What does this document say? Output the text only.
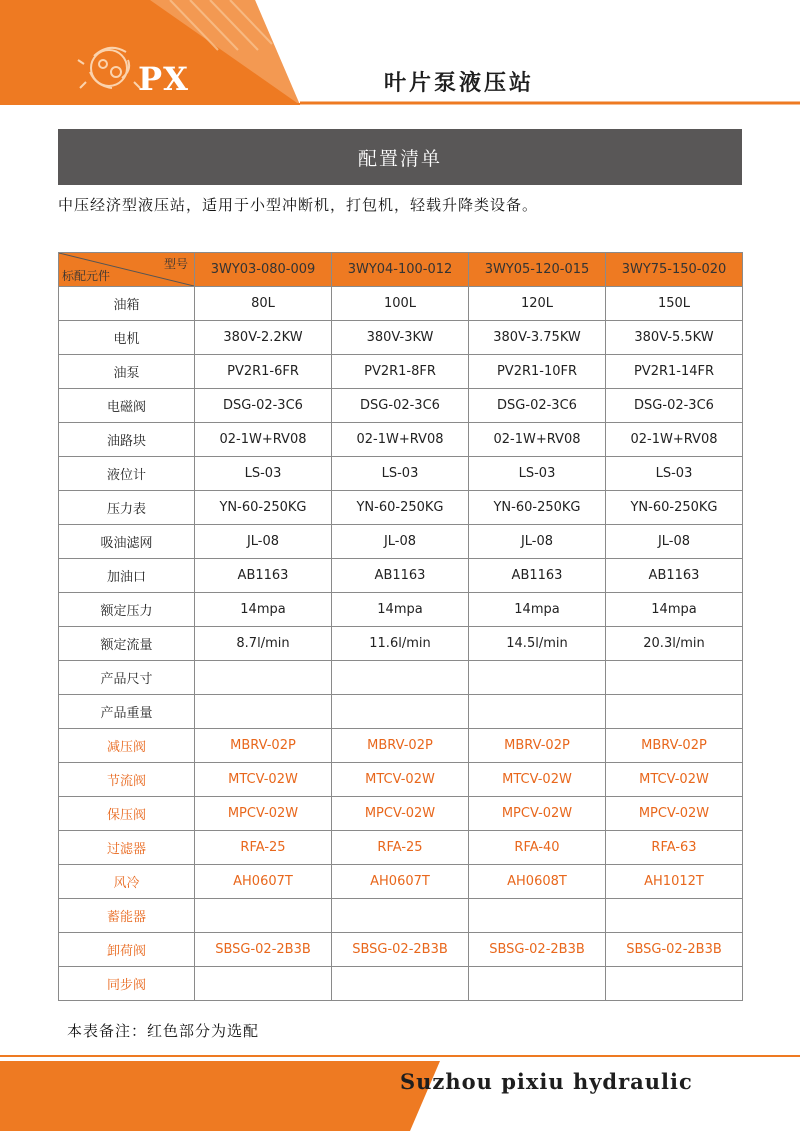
PX	叶片泵液压站
配置清单
中压经济型液压站，适用于小型冲断机，打包机，轻载升降类设备。
型号
标配元件	3WY03-080-009	3WY04-100-012	3WY05-120-015	3WY75-150-020
油箱	80L	100L	120L	150L
电机	380V-2.2KW	380V-3KW	380V-3.75KW	380V-5.5KW
油泵	PV2R1-6FR	PV2R1-8FR	PV2R1-10FR	PV2R1-14FR
电磁阀	DSG-02-3C6	DSG-02-3C6	DSG-02-3C6	DSG-02-3C6
油路块	02-1W+RV08	02-1W+RV08	02-1W+RV08	02-1W+RV08
液位计	LS-03	LS-03	LS-03	LS-03
压力表	YN-60-250KG	YN-60-250KG	YN-60-250KG	YN-60-250KG
吸油滤网	JL-08	JL-08	JL-08	JL-08
加油口	AB1163	AB1163	AB1163	AB1163
额定压力	14mpa	14mpa	14mpa	14mpa
额定流量	8.7l/min	11.6l/min	14.5l/min	20.3l/min
产品尺寸				
产品重量				
减压阀	MBRV-02P	MBRV-02P	MBRV-02P	MBRV-02P
节流阀	MTCV-02W	MTCV-02W	MTCV-02W	MTCV-02W
保压阀	MPCV-02W	MPCV-02W	MPCV-02W	MPCV-02W
过滤器	RFA-25	RFA-25	RFA-40	RFA-63
风冷	AH0607T	AH0607T	AH0608T	AH1012T
蓄能器				
卸荷阀	SBSG-02-2B3B	SBSG-02-2B3B	SBSG-02-2B3B	SBSG-02-2B3B
同步阀				
本表备注：红色部分为选配
Suzhou pixiu hydraulic
